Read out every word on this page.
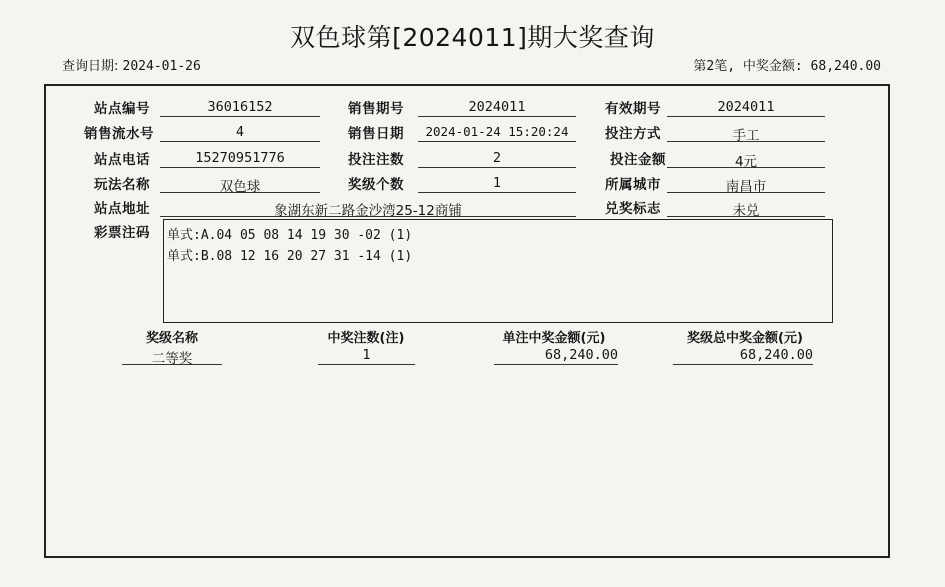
双色球第[2024011]期大奖查询
查询日期: 2024-01-26	第2笔, 中奖金额: 68,240.00
站点编号	36016152	销售期号	2024011	有效期号	2024011
销售流水号	4	销售日期	2024-01-24 15:20:24	投注方式	手工
站点电话	15270951776	投注注数	2	投注金额	4元
玩法名称	双色球	奖级个数	1	所属城市	南昌市
站点地址	象湖东新二路金沙湾25-12商铺	兑奖标志	未兑
彩票注码 单式:A.04 05 08 14 19 30 -02 (1)
单式:B.08 12 16 20 27 31 -14 (1)
奖级名称	中奖注数(注)	单注中奖金额(元)	奖级总中奖金额(元)
二等奖	1	68,240.00	68,240.00
